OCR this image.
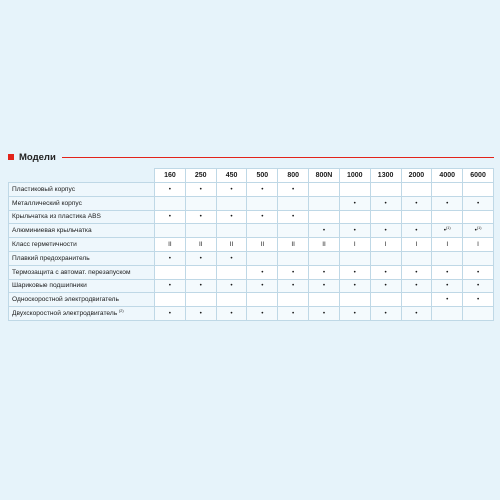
Модели
	160	250	450	500	800	800N	1000	1300	2000	4000	6000
Пластиковый корпус	•	•	•	•	•						
Металлический корпус							•	•	•	•	•
Крыльчатка из пластика ABS	•	•	•	•	•						
Алюминиевая крыльчатка						•	•	•	•	•$^{(1)}$	•$^{(1)}$
Класс герметичности	II	II	II	II	II	II	I	I	I	I	I
Плавкий предохранитель	•	•	•								
Термозащита с автомат. перезапуском				•	•	•	•	•	•	•	•
Шариковые подшипники	•	•	•	•	•	•	•	•	•	•	•
Односкоростной электродвигатель										•	•
Двухскоростной электродвигатель $^{(2)}$	•	•	•	•	•	•	•	•	•		
